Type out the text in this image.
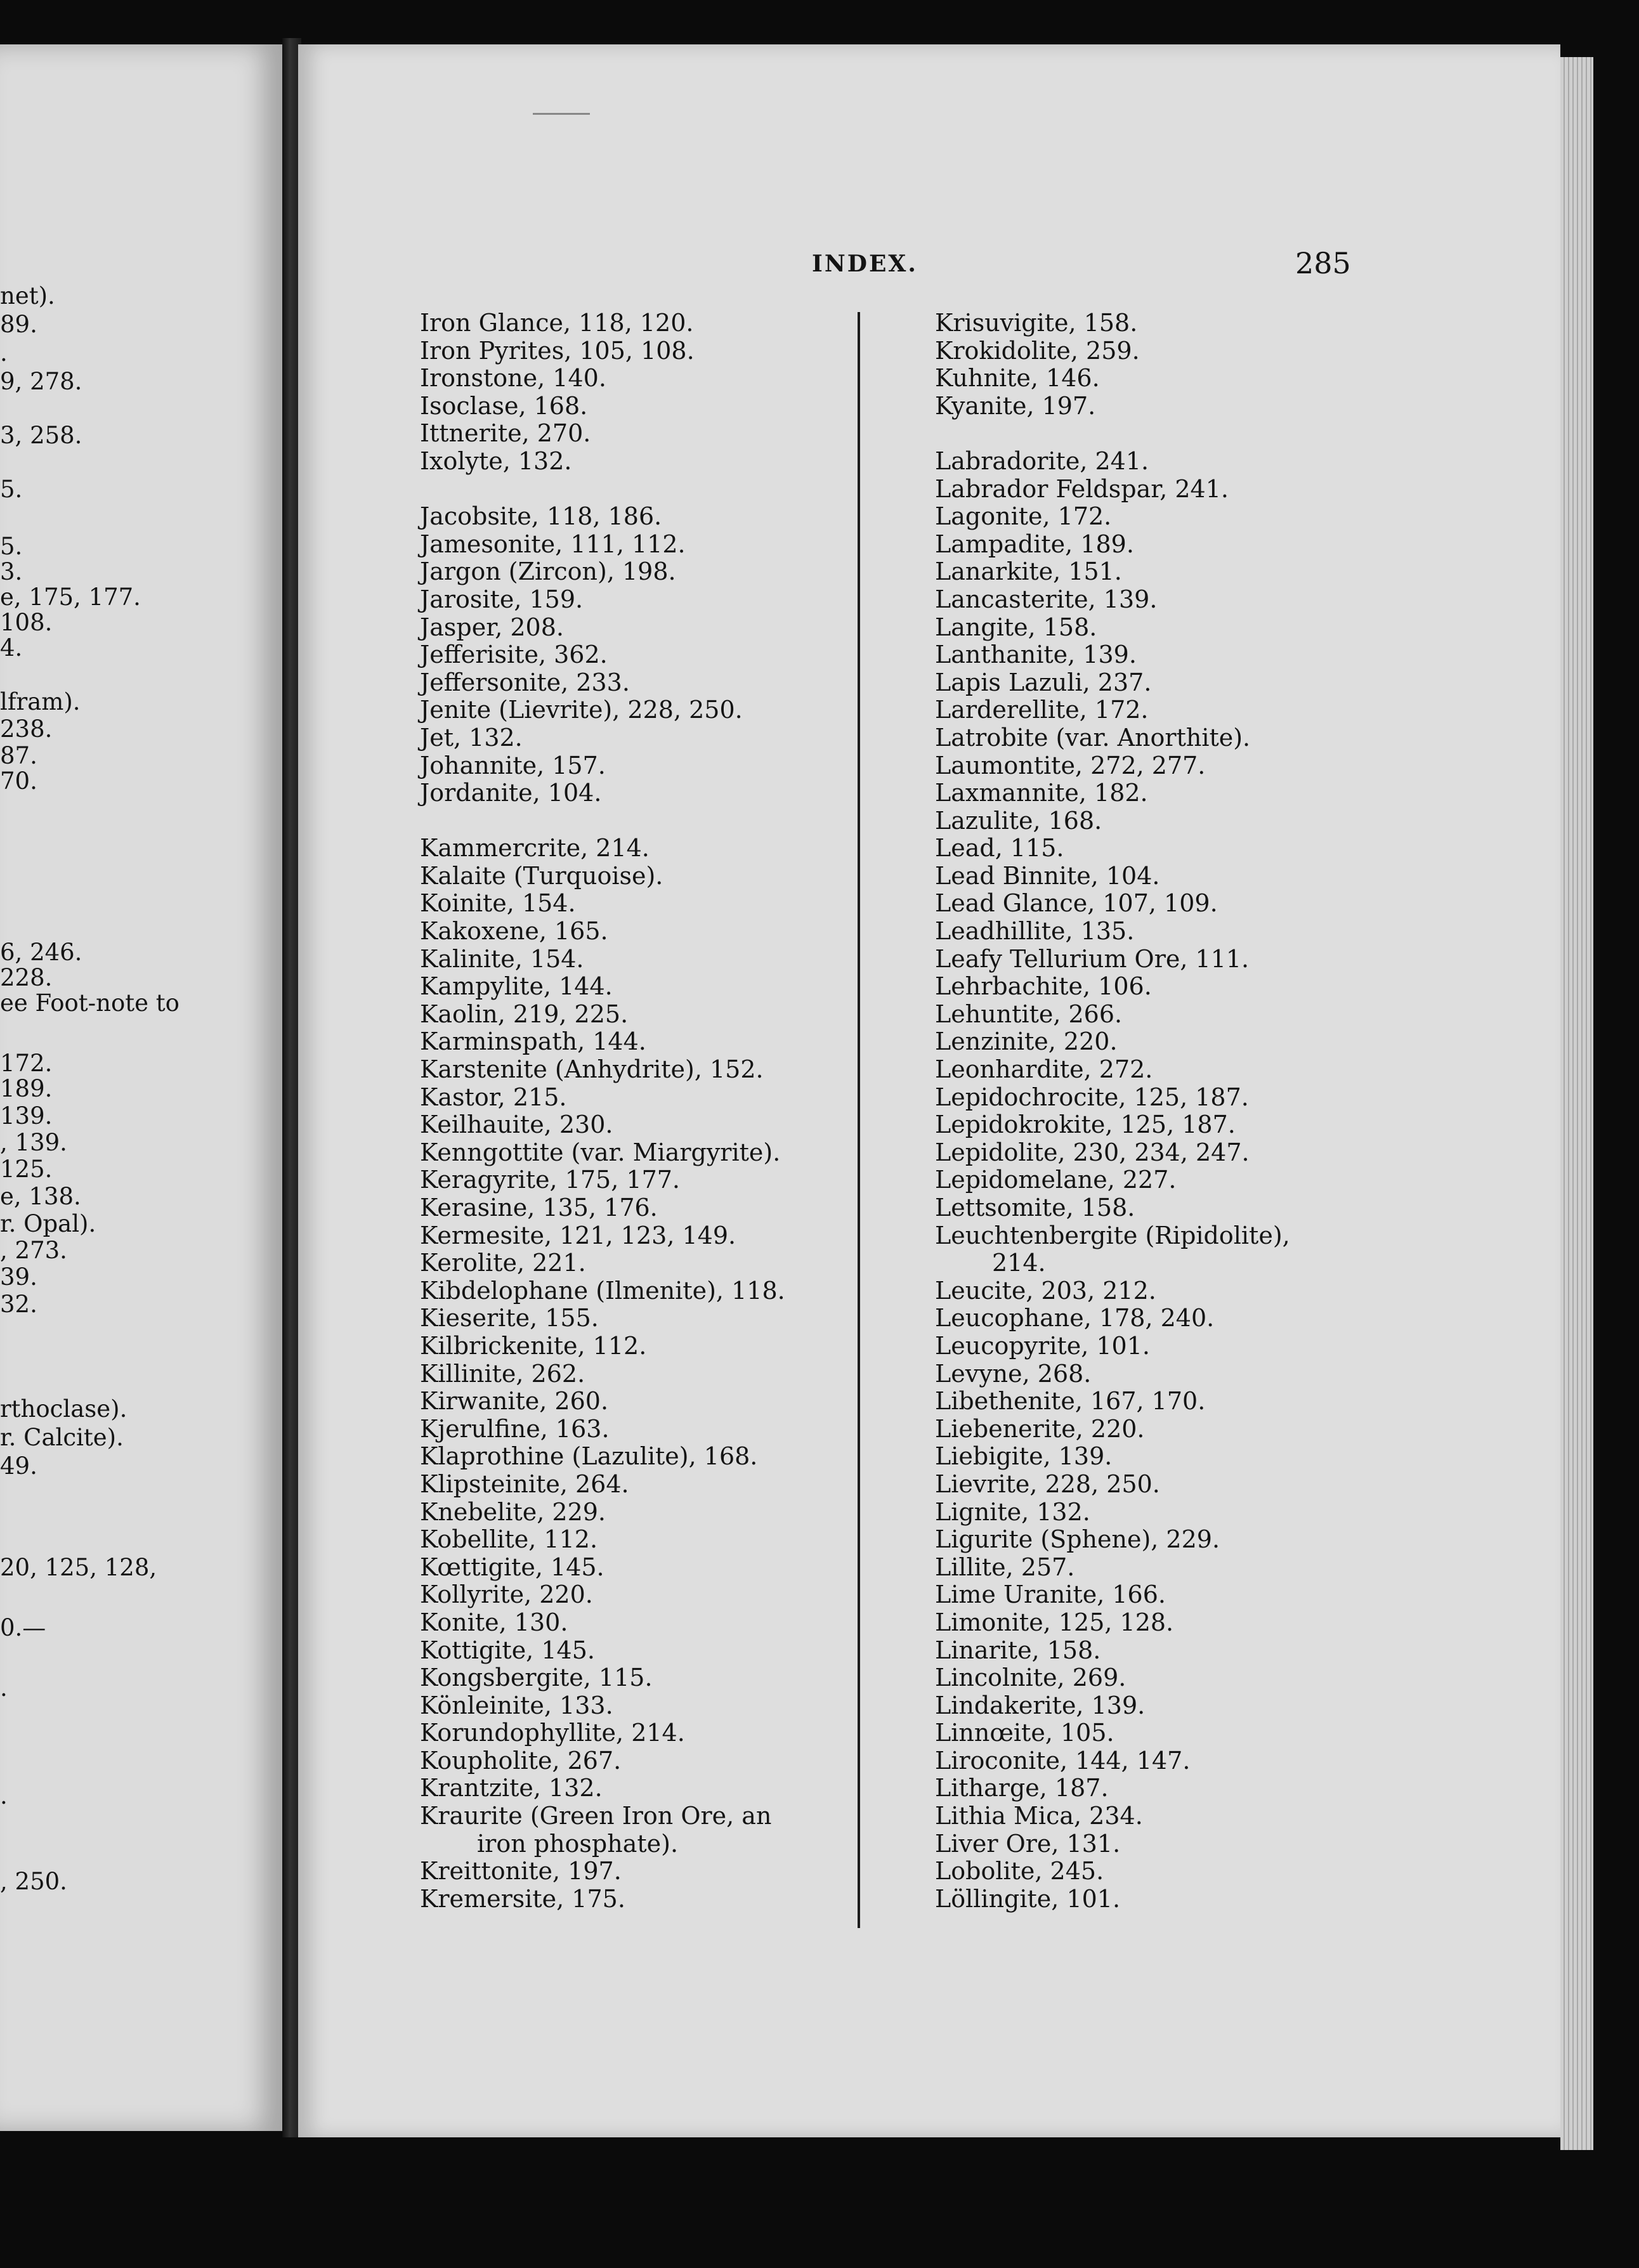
net).
89.
.
9, 278.
3, 258.
5.
5.
3.
e, 175, 177.
108.
4.
lfram).
238.
87.
70.
6, 246.
228.
ee Foot-note to
172.
189.
139.
, 139.
125.
e, 138.
r. Opal).
, 273.
39.
32.
rthoclase).
r. Calcite).
49.
20, 125, 128,
0.—
.
.
, 250.
INDEX.	285
Iron Glance, 118, 120.
Iron Pyrites, 105, 108.
Ironstone, 140.
Isoclase, 168.
Ittnerite, 270.
Ixolyte, 132.
Jacobsite, 118, 186.
Jamesonite, 111, 112.
Jargon (Zircon), 198.
Jarosite, 159.
Jasper, 208.
Jefferisite, 362.
Jeffersonite, 233.
Jenite (Lievrite), 228, 250.
Jet, 132.
Johannite, 157.
Jordanite, 104.
Kammercrite, 214.
Kalaite (Turquoise).
Koinite, 154.
Kakoxene, 165.
Kalinite, 154.
Kampylite, 144.
Kaolin, 219, 225.
Karminspath, 144.
Karstenite (Anhydrite), 152.
Kastor, 215.
Keilhauite, 230.
Kenngottite (var. Miargyrite).
Keragyrite, 175, 177.
Kerasine, 135, 176.
Kermesite, 121, 123, 149.
Kerolite, 221.
Kibdelophane (Ilmenite), 118.
Kieserite, 155.
Kilbrickenite, 112.
Killinite, 262.
Kirwanite, 260.
Kjerulfine, 163.
Klaprothine (Lazulite), 168.
Klipsteinite, 264.
Knebelite, 229.
Kobellite, 112.
Kœttigite, 145.
Kollyrite, 220.
Konite, 130.
Kottigite, 145.
Kongsbergite, 115.
Könleinite, 133.
Korundophyllite, 214.
Koupholite, 267.
Krantzite, 132.
Kraurite (Green Iron Ore, an
iron phosphate).
Kreittonite, 197.
Kremersite, 175.
Krisuvigite, 158.
Krokidolite, 259.
Kuhnite, 146.
Kyanite, 197.
Labradorite, 241.
Labrador Feldspar, 241.
Lagonite, 172.
Lampadite, 189.
Lanarkite, 151.
Lancasterite, 139.
Langite, 158.
Lanthanite, 139.
Lapis Lazuli, 237.
Larderellite, 172.
Latrobite (var. Anorthite).
Laumontite, 272, 277.
Laxmannite, 182.
Lazulite, 168.
Lead, 115.
Lead Binnite, 104.
Lead Glance, 107, 109.
Leadhillite, 135.
Leafy Tellurium Ore, 111.
Lehrbachite, 106.
Lehuntite, 266.
Lenzinite, 220.
Leonhardite, 272.
Lepidochrocite, 125, 187.
Lepidokrokite, 125, 187.
Lepidolite, 230, 234, 247.
Lepidomelane, 227.
Lettsomite, 158.
Leuchtenbergite (Ripidolite),
214.
Leucite, 203, 212.
Leucophane, 178, 240.
Leucopyrite, 101.
Levyne, 268.
Libethenite, 167, 170.
Liebenerite, 220.
Liebigite, 139.
Lievrite, 228, 250.
Lignite, 132.
Ligurite (Sphene), 229.
Lillite, 257.
Lime Uranite, 166.
Limonite, 125, 128.
Linarite, 158.
Lincolnite, 269.
Lindakerite, 139.
Linnœite, 105.
Liroconite, 144, 147.
Litharge, 187.
Lithia Mica, 234.
Liver Ore, 131.
Lobolite, 245.
Löllingite, 101.
